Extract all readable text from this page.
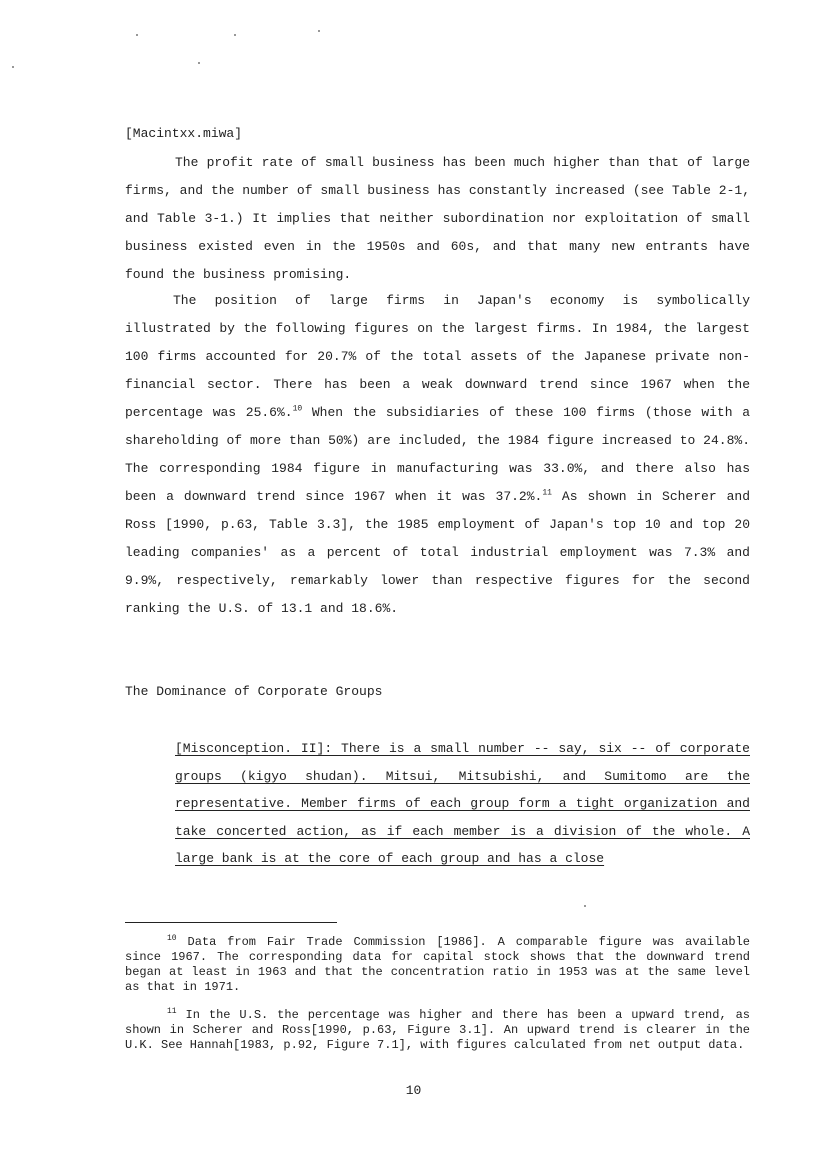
[Macintxx.miwa]

The profit rate of small business has been much higher than that of large firms, and the number of small business has constantly increased (see Table 2-1, and Table 3-1.) It implies that neither subordination nor exploitation of small business existed even in the 1950s and 60s, and that many new entrants have found the business promising.

The position of large firms in Japan's economy is symbolically illustrated by the following figures on the largest firms. In 1984, the largest 100 firms accounted for 20.7% of the total assets of the Japanese private non-financial sector. There has been a weak downward trend since 1967 when the percentage was 25.6%.$^{10}$ When the subsidiaries of these 100 firms (those with a shareholding of more than 50%) are included, the 1984 figure increased to 24.8%. The corresponding 1984 figure in manufacturing was 33.0%, and there also has been a downward trend since 1967 when it was 37.2%.$^{11}$ As shown in Scherer and Ross [1990, p.63, Table 3.3], the 1985 employment of Japan's top 10 and top 20 leading companies' as a percent of total industrial employment was 7.3% and 9.9%, respectively, remarkably lower than respective figures for the second ranking the U.S. of 13.1 and 18.6%.

The Dominance of Corporate Groups

[Misconception. II]: There is a small number -- say, six -- of corporate groups (kigyo shudan). Mitsui, Mitsubishi, and Sumitomo are the representative. Member firms of each group form a tight organization and take concerted action, as if each member is a division of the whole. A large bank is at the core of each group and has a close

$^{10}$ Data from Fair Trade Commission [1986]. A comparable figure was available since 1967. The corresponding data for capital stock shows that the downward trend began at least in 1963 and that the concentration ratio in 1953 was at the same level as that in 1971.

$^{11}$ In the U.S. the percentage was higher and there has been a upward trend, as shown in Scherer and Ross[1990, p.63, Figure 3.1]. An upward trend is clearer in the U.K. See Hannah[1983, p.92, Figure 7.1], with figures calculated from net output data.

10
